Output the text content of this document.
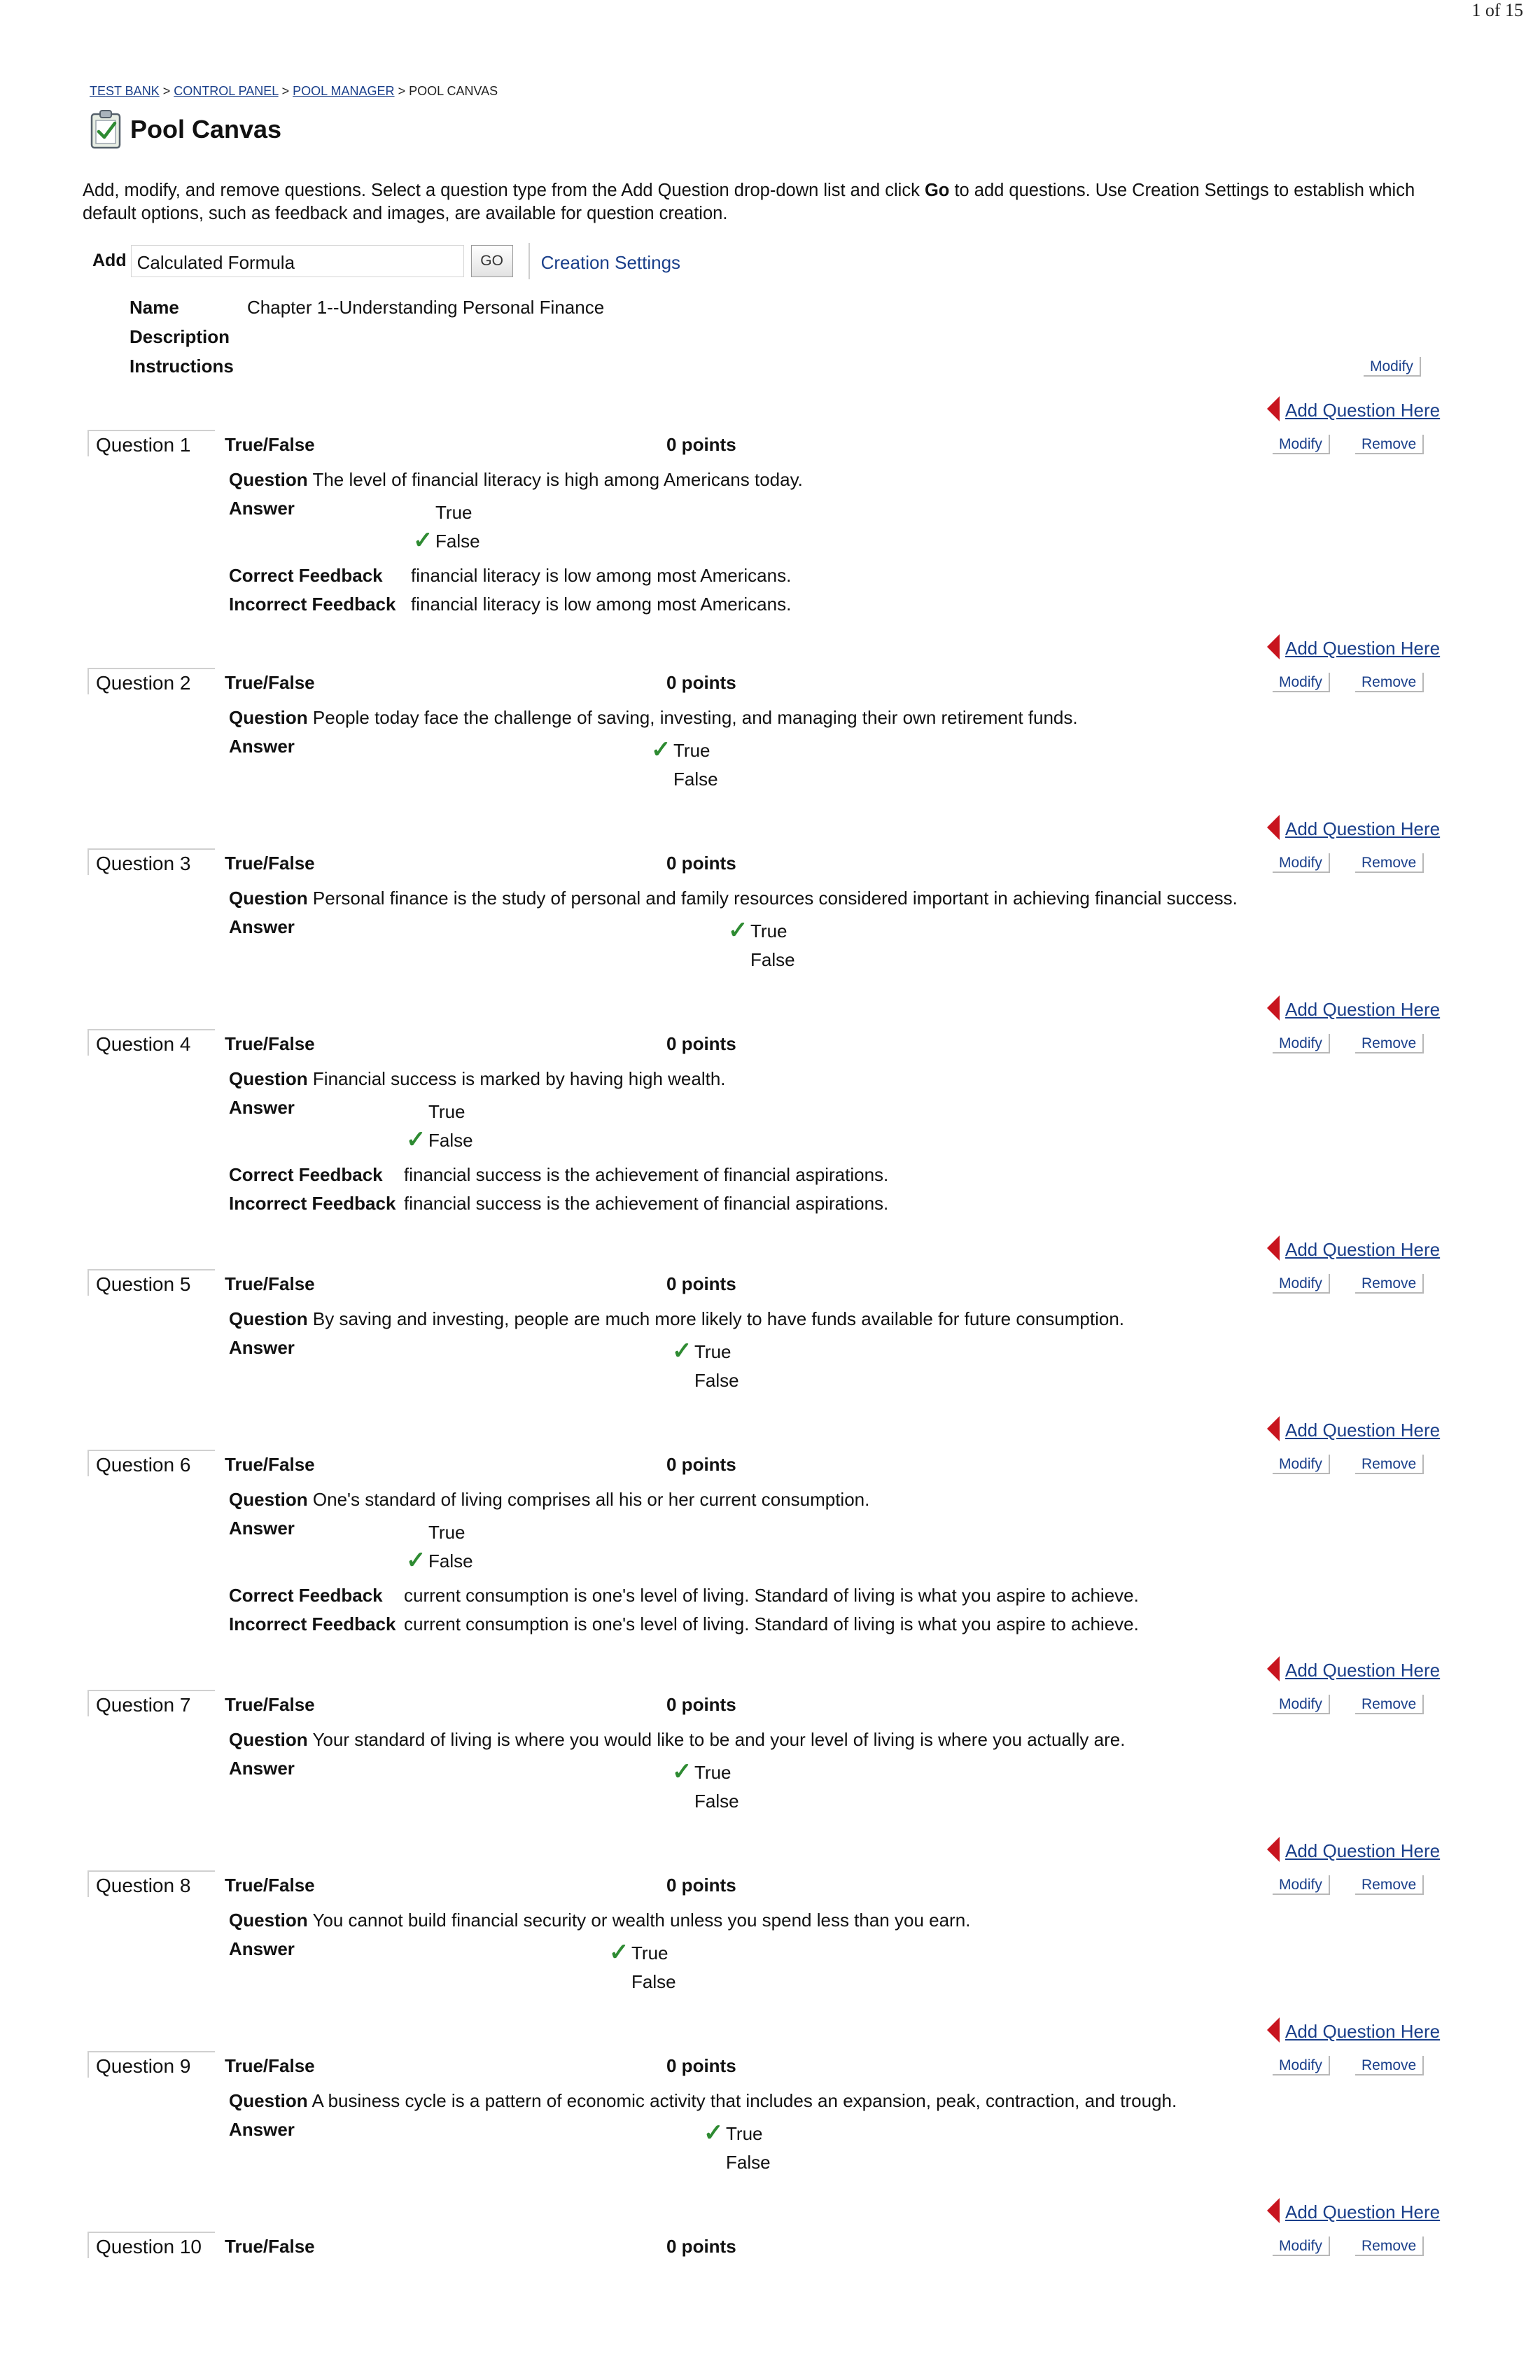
1 of 15
TEST BANK > CONTROL PANEL > POOL MANAGER > POOL CANVAS
Pool Canvas
Add, modify, and remove questions. Select a question type from the Add Question drop-down list and click Go to add questions. Use Creation Settings to establish which default options, such as feedback and images, are available for question creation.
Add Calculated Formula	GO	Creation Settings
Name	Chapter 1--Understanding Personal Finance
Description
Instructions	Modify
Add Question Here
Question 1	True/False	0 points	Modify	Remove
Question The level of financial literacy is high among Americans today.
Answer	True
False
✓
Correct Feedback financial literacy is low among most Americans.
Incorrect Feedback financial literacy is low among most Americans.
Add Question Here
Question 2	True/False	0 points	Modify	Remove
Question People today face the challenge of saving, investing, and managing their own retirement funds.
Answer	True
False
✓
Add Question Here
Question 3	True/False	0 points	Modify	Remove
Question Personal finance is the study of personal and family resources considered important in achieving financial success.
Answer	True
False
✓
Add Question Here
Question 4	True/False	0 points	Modify	Remove
Question Financial success is marked by having high wealth.
Answer	True
False
✓
Correct Feedback financial success is the achievement of financial aspirations.
Incorrect Feedback financial success is the achievement of financial aspirations.
Add Question Here
Question 5	True/False	0 points	Modify	Remove
Question By saving and investing, people are much more likely to have funds available for future consumption.
Answer	True
False
✓
Add Question Here
Question 6	True/False	0 points	Modify	Remove
Question One's standard of living comprises all his or her current consumption.
Answer	True
False
✓
Correct Feedback current consumption is one's level of living. Standard of living is what you aspire to achieve.
Incorrect Feedback current consumption is one's level of living. Standard of living is what you aspire to achieve.
Add Question Here
Question 7	True/False	0 points	Modify	Remove
Question Your standard of living is where you would like to be and your level of living is where you actually are.
Answer	True
False
✓
Add Question Here
Question 8	True/False	0 points	Modify	Remove
Question You cannot build financial security or wealth unless you spend less than you earn.
Answer	True
False
✓
Add Question Here
Question 9	True/False	0 points	Modify	Remove
Question A business cycle is a pattern of economic activity that includes an expansion, peak, contraction, and trough.
Answer	True
False
✓
Add Question Here
Question 10	True/False	0 points	Modify	Remove
